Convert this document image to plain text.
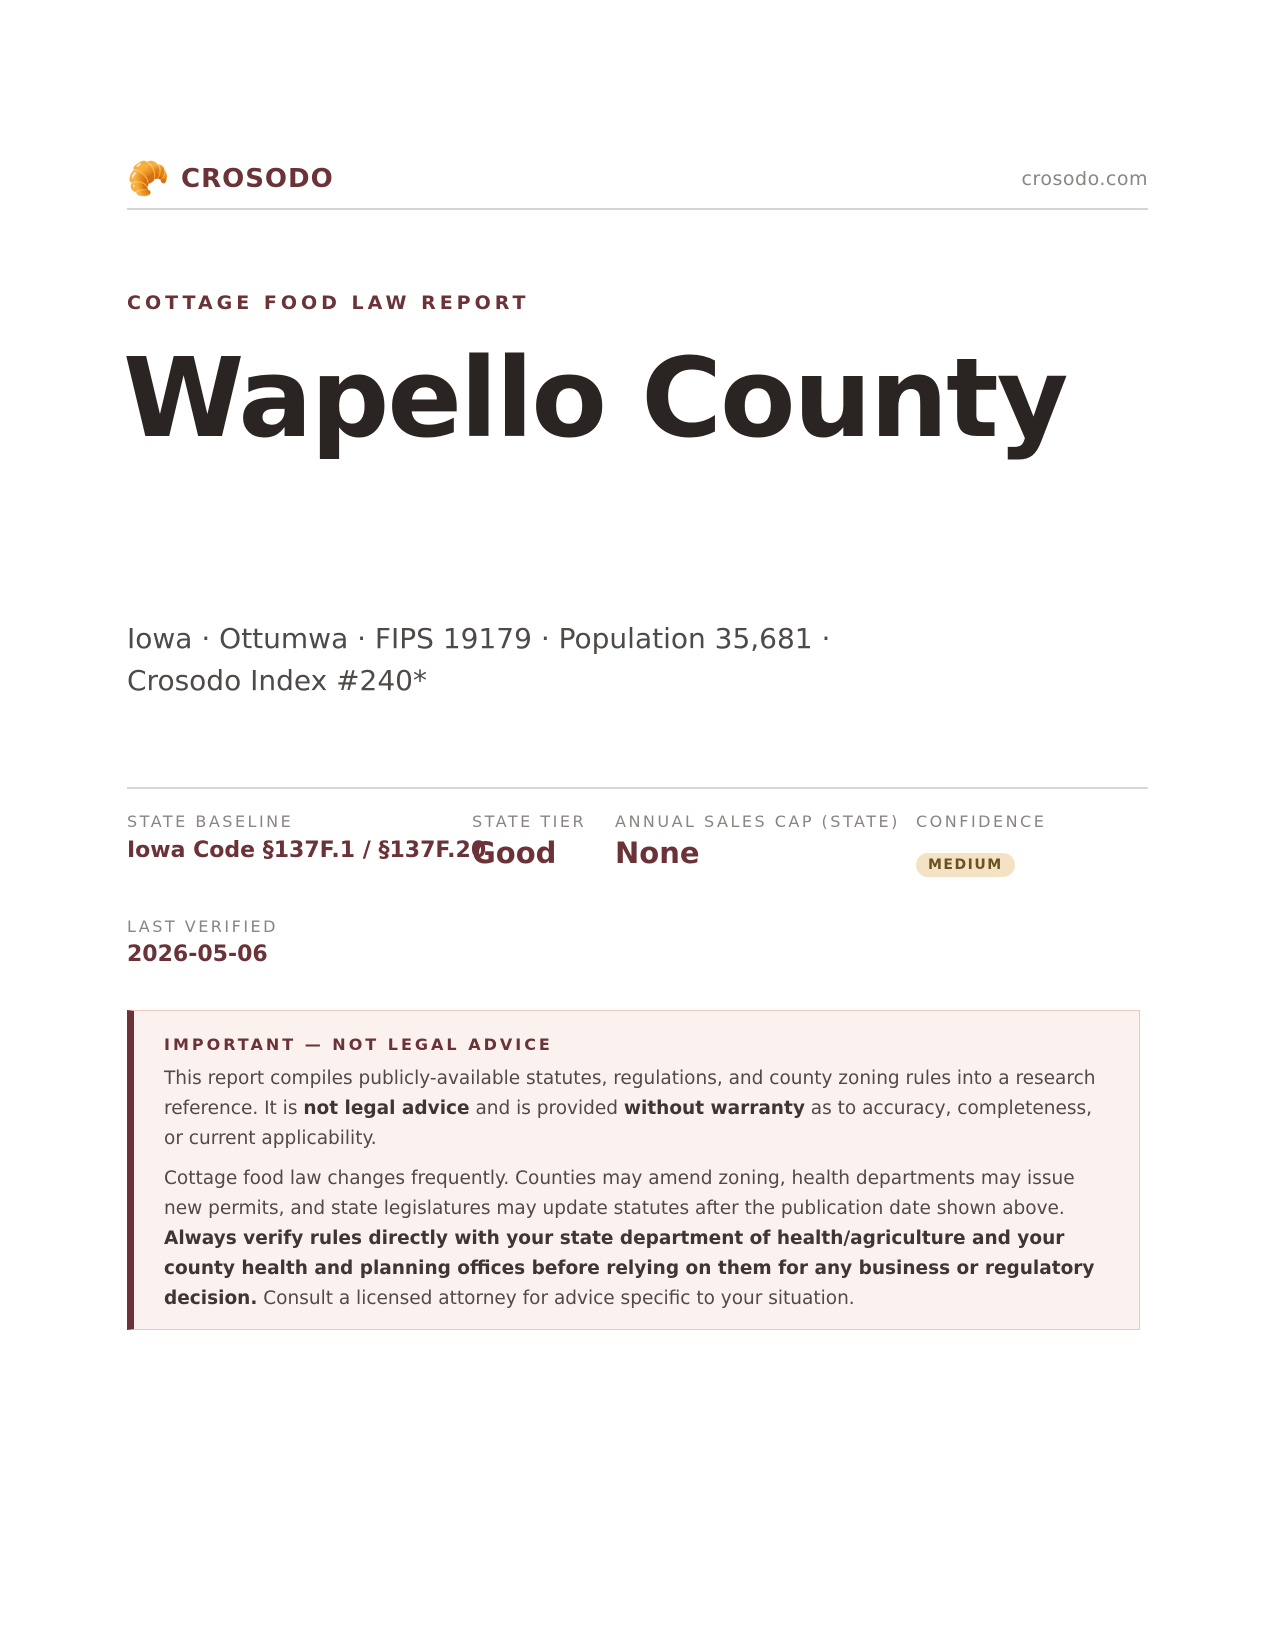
🥐 CROSODO	crosodo.com
COTTAGE FOOD LAW REPORT
Wapello County
Iowa · Ottumwa · FIPS 19179 · Population 35,681 · Crosodo Index #240*
STATE BASELINE
Iowa Code §137F.1 / §137F.20
STATE TIER
Good
ANNUAL SALES CAP (STATE)
None
CONFIDENCE
MEDIUM
LAST VERIFIED
2026-05-06
IMPORTANT — NOT LEGAL ADVICE

This report compiles publicly-available statutes, regulations, and county zoning rules into a research reference. It is not legal advice and is provided without warranty as to accuracy, completeness, or current applicability.

Cottage food law changes frequently. Counties may amend zoning, health departments may issue new permits, and state legislatures may update statutes after the publication date shown above. Always verify rules directly with your state department of health/agriculture and your county health and planning offices before relying on them for any business or regulatory decision. Consult a licensed attorney for advice specific to your situation.
